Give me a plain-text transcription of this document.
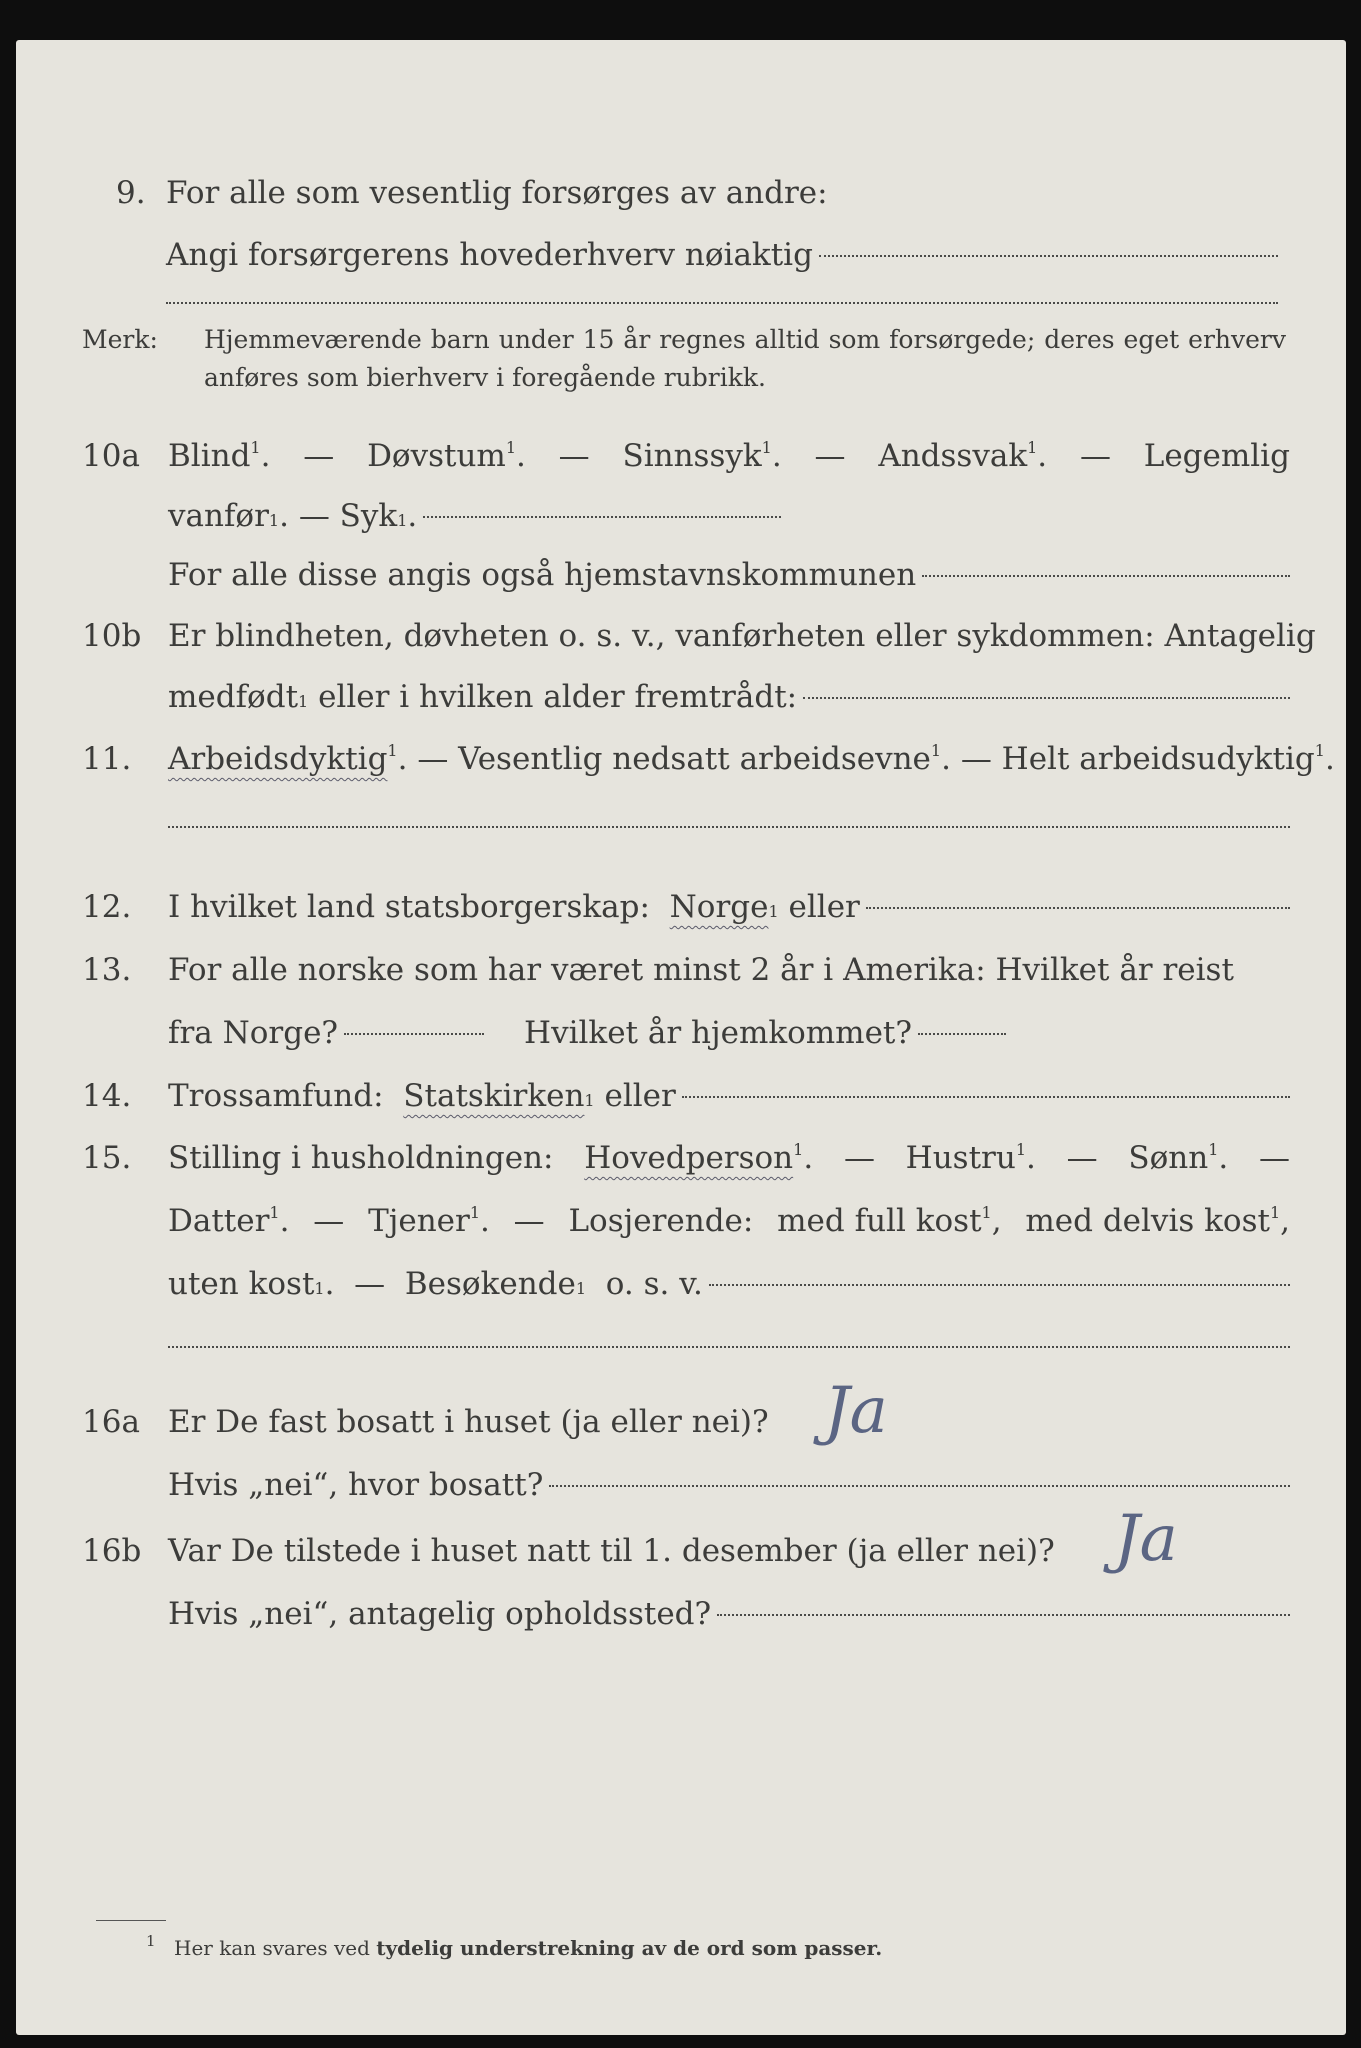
9. For alle som vesentlig forsørges av andre:
Angi forsørgerens hovederhverv nøiaktig
Merk: Hjemmeværende barn under 15 år regnes alltid som forsørgede; deres eget erhverv
anføres som bierhverv i foregående rubrikk.
10a Blind$^1$. — Døvstum$^1$. — Sinnssyk$^1$. — Andssvak$^1$. — Legemlig
vanfør 1 . — Syk 1 .
For alle disse angis også hjemstavnskommunen
10b Er blindheten, døvheten o. s. v., vanførheten eller sykdommen: Antagelig
medfødt 1
eller i hvilken alder fremtrådt:
11. Arbeidsdyktig$^1$. — Vesentlig nedsatt arbeidsevne$^1$. — Helt arbeidsudyktig$^1$.
12. I hvilket land statsborgerskap:
Norge 1
eller
13. For alle norske som har været minst 2 år i Amerika: Hvilket år reist
fra Norge?	Hvilket år hjemkommet?
14. Trossamfund:
Statskirken 1
eller
15. Stilling i husholdningen: Hovedperson$^1$. — Hustru$^1$. — Sønn$^1$. —
Datter$^1$. — Tjener$^1$. — Losjerende: med full kost$^1$, med delvis kost$^1$,
uten kost 1 .  — Besøkende 1
o. s. v.
16a Er De fast bosatt i huset (ja eller nei)? Ja
Hvis „nei“, hvor bosatt?
16b Var De tilstede i huset natt til 1. desember (ja eller nei)? Ja
Hvis „nei“, antagelig opholdssted?
1 Her kan svares ved tydelig understrekning av de ord som passer.
